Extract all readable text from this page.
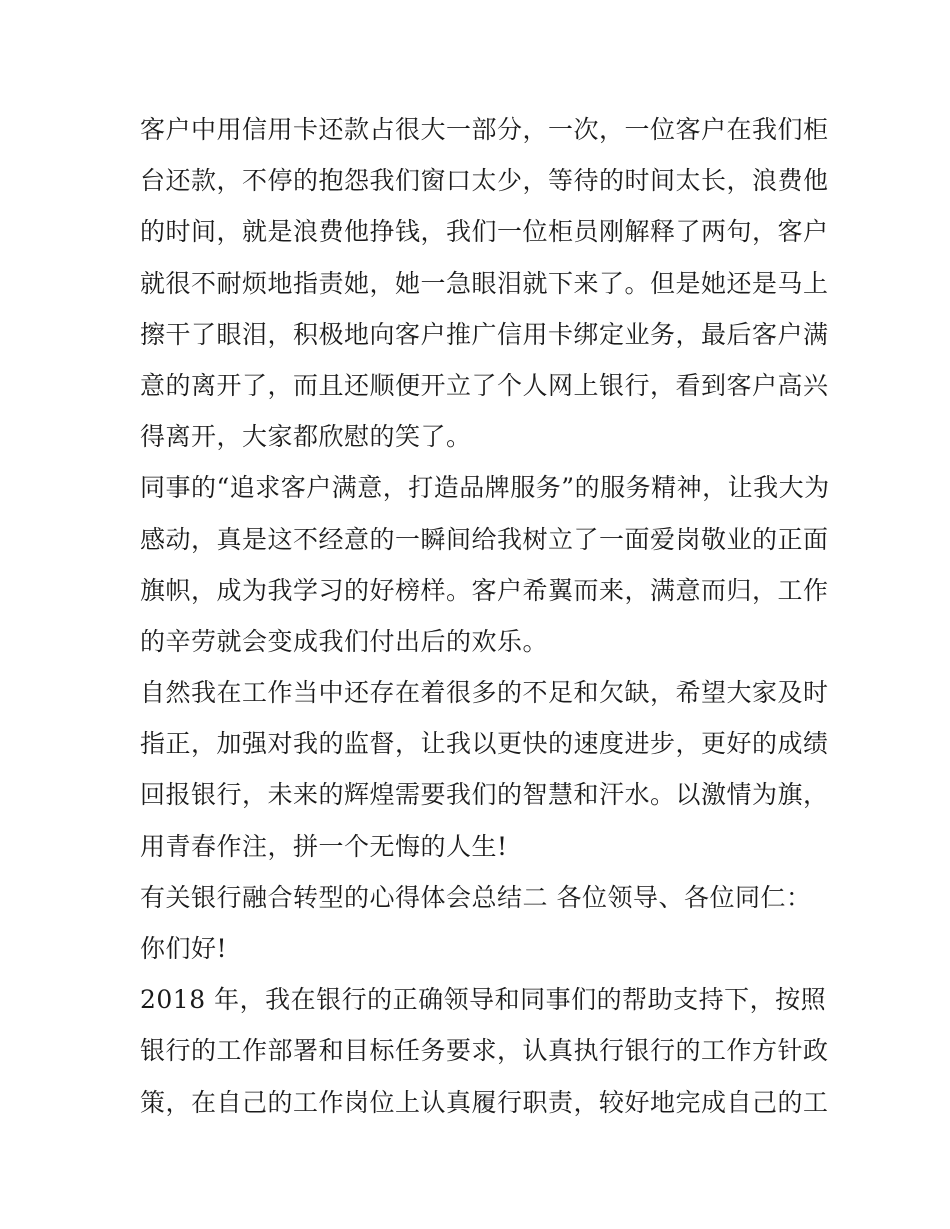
客户中用信用卡还款占很大一部分，一次，一位客户在我们柜
台还款，不停的抱怨我们窗口太少，等待的时间太长，浪费他
的时间，就是浪费他挣钱，我们一位柜员刚解释了两句，客户
就很不耐烦地指责她，她一急眼泪就下来了。但是她还是马上
擦干了眼泪，积极地向客户推广信用卡绑定业务，最后客户满
意的离开了，而且还顺便开立了个人网上银行，看到客户高兴
得离开，大家都欣慰的笑了。
同事的“追求客户满意，打造品牌服务”的服务精神，让我大为
感动，真是这不经意的一瞬间给我树立了一面爱岗敬业的正面
旗帜，成为我学习的好榜样。客户希翼而来，满意而归，工作
的辛劳就会变成我们付出后的欢乐。
自然我在工作当中还存在着很多的不足和欠缺，希望大家及时
指正，加强对我的监督，让我以更快的速度进步，更好的成绩
回报银行，未来的辉煌需要我们的智慧和汗水。以激情为旗，
用青春作注，拼一个无悔的人生!
有关银行融合转型的心得体会总结二 各位领导、各位同仁：
你们好!
2018 年，我在银行的正确领导和同事们的帮助支持下，按照
银行的工作部署和目标任务要求，认真执行银行的工作方针政
策，在自己的工作岗位上认真履行职责，较好地完成自己的工
